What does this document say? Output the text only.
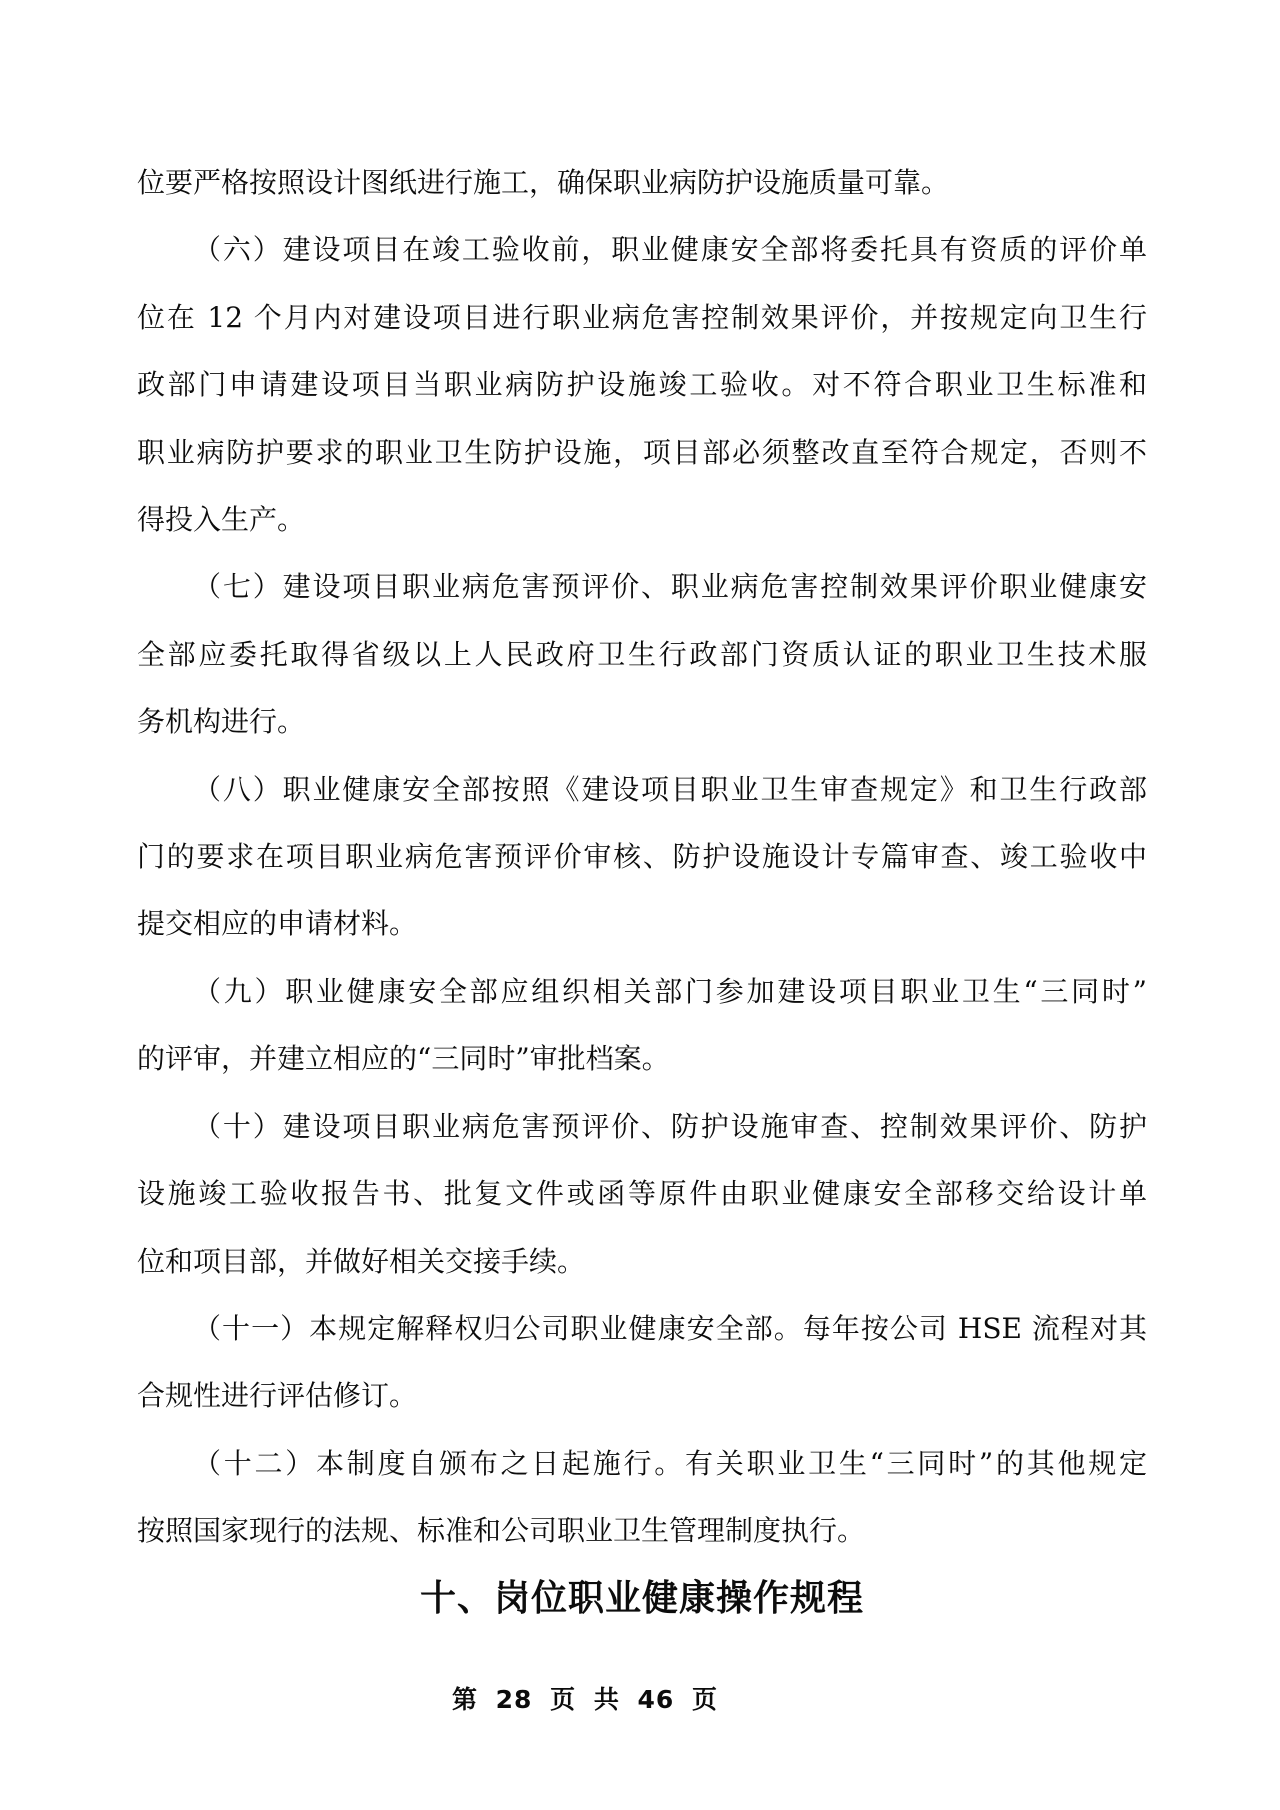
位要严格按照设计图纸进行施工，确保职业病防护设施质量可靠。
（六）建设项目在竣工验收前，职业健康安全部将委托具有资质的评价单
位在 12 个月内对建设项目进行职业病危害控制效果评价，并按规定向卫生行
政部门申请建设项目当职业病防护设施竣工验收。对不符合职业卫生标准和
职业病防护要求的职业卫生防护设施，项目部必须整改直至符合规定，否则不
得投入生产。
（七）建设项目职业病危害预评价、职业病危害控制效果评价职业健康安
全部应委托取得省级以上人民政府卫生行政部门资质认证的职业卫生技术服
务机构进行。
（八）职业健康安全部按照《建设项目职业卫生审查规定》和卫生行政部
门的要求在项目职业病危害预评价审核、防护设施设计专篇审查、竣工验收中
提交相应的申请材料。
（九）职业健康安全部应组织相关部门参加建设项目职业卫生“三同时”
的评审，并建立相应的“三同时”审批档案。
（十）建设项目职业病危害预评价、防护设施审查、控制效果评价、防护
设施竣工验收报告书、批复文件或函等原件由职业健康安全部移交给设计单
位和项目部，并做好相关交接手续。
（十一）本规定解释权归公司职业健康安全部。每年按公司 HSE 流程对其
合规性进行评估修订。
（十二）本制度自颁布之日起施行。有关职业卫生“三同时”的其他规定
按照国家现行的法规、标准和公司职业卫生管理制度执行。
十、岗位职业健康操作规程
第 28 页 共 46 页
